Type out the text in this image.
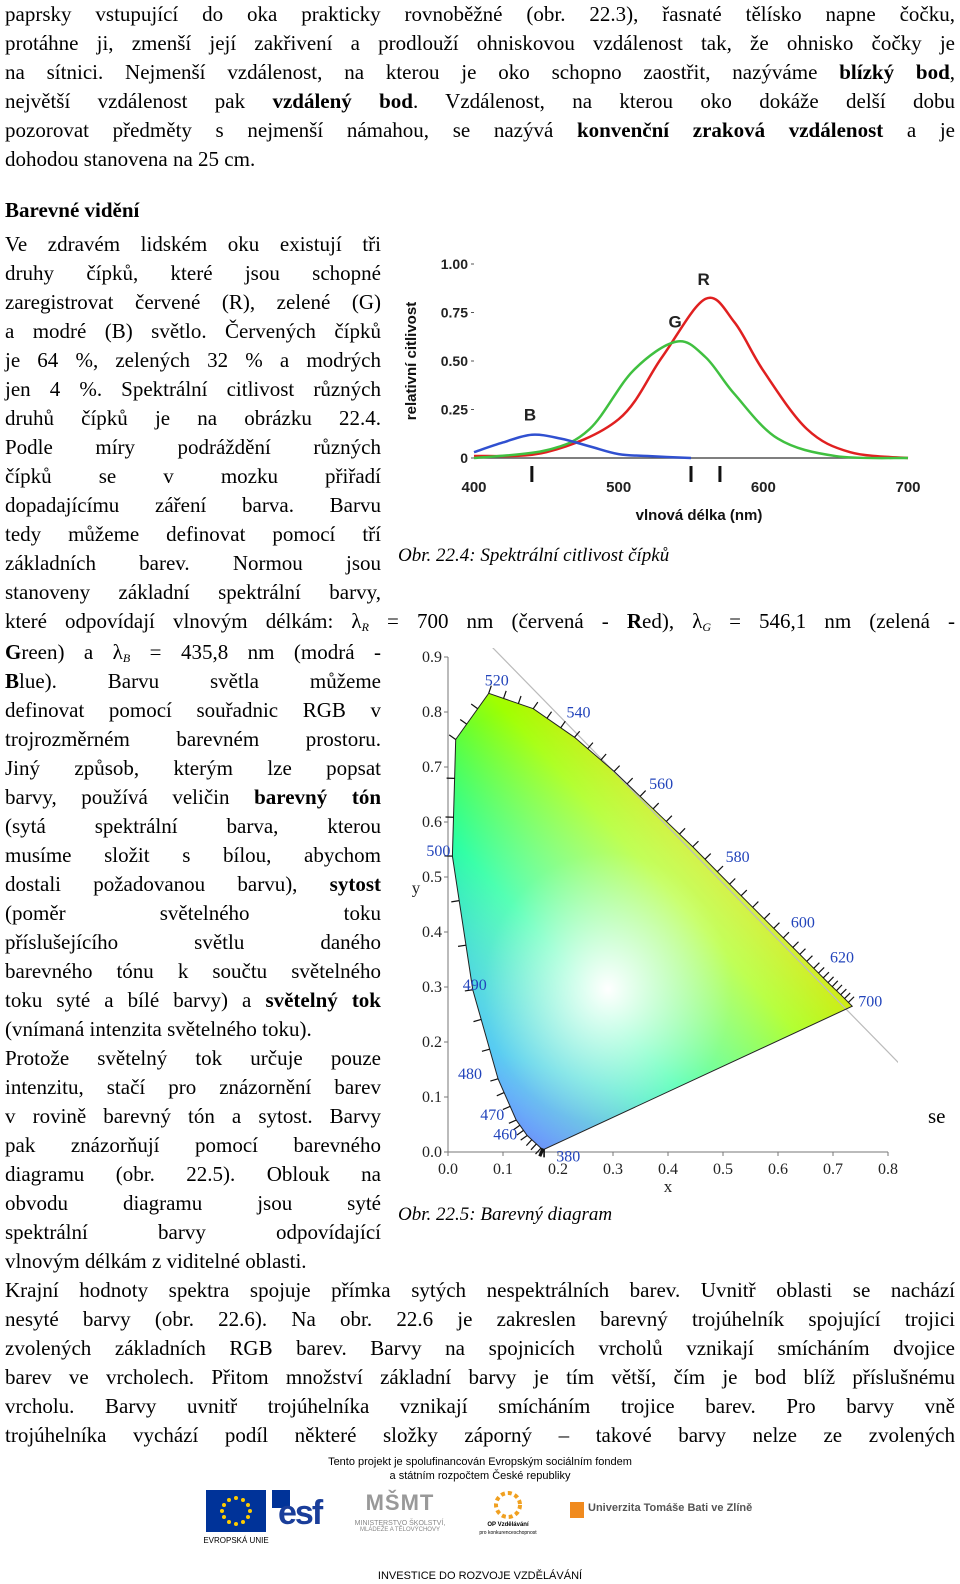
paprsky vstupující do oka prakticky rovnoběžné (obr. 22.3), řasnaté tělísko napne čočku,
protáhne ji, zmenší její zakřivení a prodlouží ohniskovou vzdálenost tak, že ohnisko čočky je
na sítnici. Nejmenší vzdálenost, na kterou je oko schopno zaostřit, nazýváme blízký bod,
největší vzdálenost pak vzdálený bod. Vzdálenost, na kterou oko dokáže delší dobu
pozorovat předměty s nejmenší námahou, se nazývá konvenční zraková vzdálenost a je
dohodou stanovena na 25 cm.
Barevné vidění
Ve zdravém lidském oku existují tři
druhy čípků, které jsou schopné
zaregistrovat červené (R), zelené (G)
a modré (B) světlo. Červených čípků
je 64 %, zelených 32 % a modrých
jen 4 %. Spektrální citlivost různých
druhů čípků je na obrázku 22.4.
Podle míry podráždění různých
čípků se v mozku přiřadí
dopadajícímu záření barva. Barvu
tedy můžeme definovat pomocí tří
základních barev. Normou jsou
stanoveny základní spektrální barvy,
které odpovídají vlnovým délkám: $\lambda_R = 700$ nm (červená - Red), $\lambda_G = 546,1$ nm (zelená -
Green) a $\lambda_B = 435,8$ nm (modrá -
Blue). Barvu světla můžeme
definovat pomocí souřadnic RGB v
trojrozměrném barevném prostoru.
Jiný způsob, kterým lze popsat
barvy, používá veličin barevný tón
(sytá spektrální barva, kterou
musíme složit s bílou, abychom
dostali požadovanou barvu), sytost
(poměr světelného toku
příslušejícího světlu daného
barevného tónu k součtu světelného
toku syté a bílé barvy) a světelný tok
(vnímaná intenzita světelného toku).
Protože světelný tok určuje pouze
intenzitu, stačí pro znázornění barev
v rovině barevný tón a sytost. Barvy
pak znázorňují pomocí barevného
diagramu (obr. 22.5). Oblouk na
obvodu diagramu jsou syté
spektrální barvy odpovídající
vlnovým délkám z viditelné oblasti.
se
Krajní hodnoty spektra spojuje přímka sytých nespektrálních barev. Uvnitř oblasti se nachází
nesyté barvy (obr. 22.6). Na obr. 22.6 je zakreslen barevný trojúhelník spojující trojici
zvolených základních RGB barev. Barvy na spojnicích vrcholů vznikají smícháním dvojice
barev ve vrcholech. Přitom množství základní barvy je tím větší, čím je bod blíž příslušnému
vrcholu. Barvy uvnitř trojúhelníka vznikají smícháním trojice barev. Pro barvy vně
trojúhelníka vychází podíl některé složky záporný – takové barvy nelze ze zvolených
0
0.25
0.50
0.75
1.00
400	500	600	700
vlnová délka (nm)
relativní citlivost
R
G
B
Obr. 22.4: Spektrální citlivost čípků
0.0 0.1 0.2 0.3 0.4 0.5 0.6 0.7 0.8
0.0
0.1
0.2
0.3
0.4
0.5
0.6
0.7
0.8
0.9
x
y
380
460
470
480
490
500
520
540
560
580
600
620
700
Obr. 22.5: Barevný diagram
Tento projekt je spolufinancován Evropským sociálním fondem
a státním rozpočtem České republiky
EVROPSKÁ UNIE
esf	MŠMT
MINISTERSTVO ŠKOLSTVÍ,
MLÁDEŽE A TĚLOVÝCHOVY
OP Vzdělávání
pro konkurenceschopnost
Univerzita Tomáše Bati ve Zlíně
INVESTICE DO ROZVOJE VZDĚLÁVÁNÍ
